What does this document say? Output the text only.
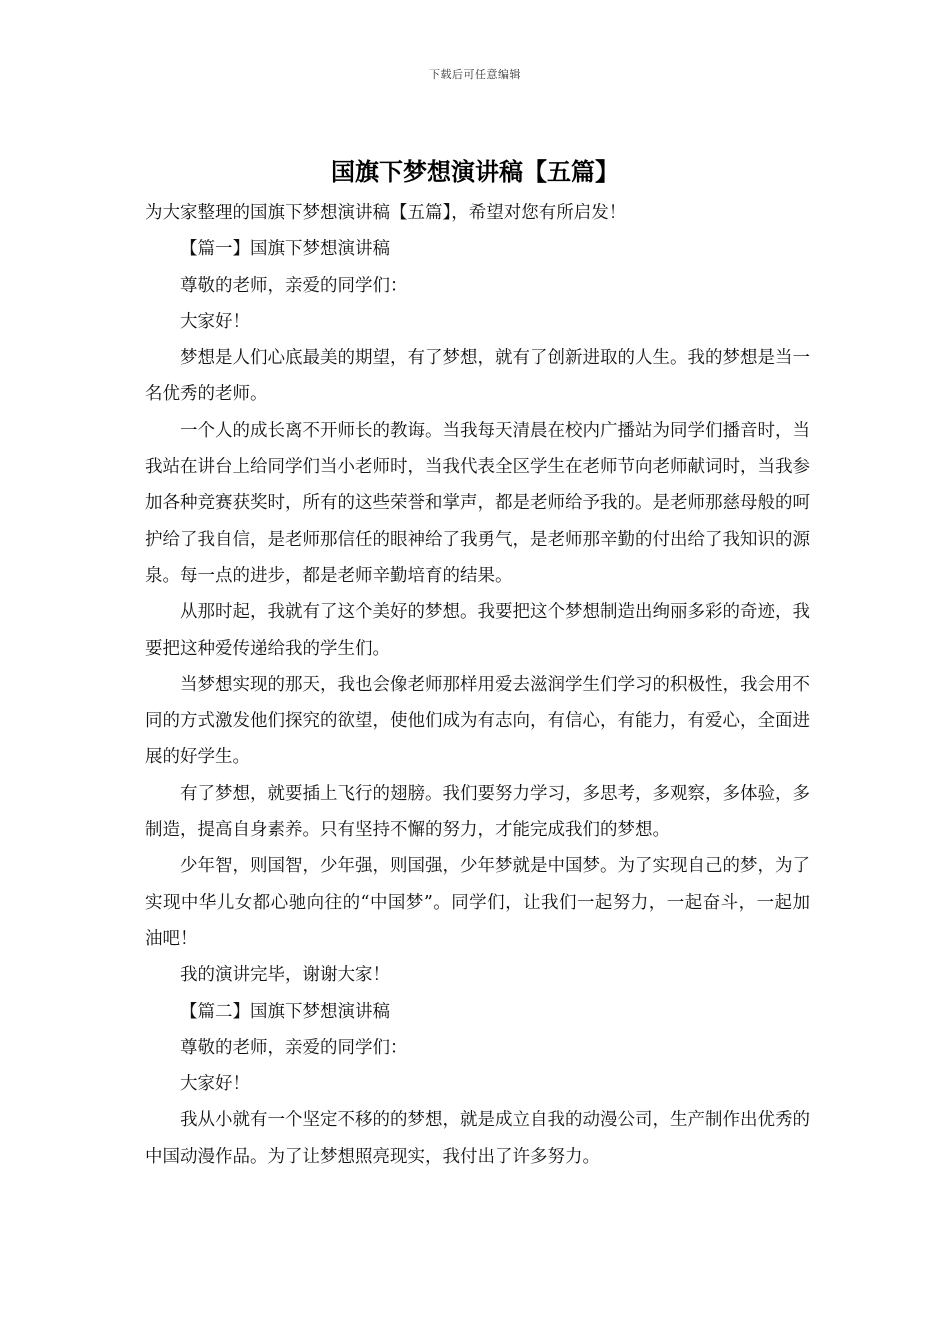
下载后可任意编辑
国旗下梦想演讲稿【五篇】

为大家整理的国旗下梦想演讲稿【五篇】，希望对您有所启发！

【篇一】国旗下梦想演讲稿

尊敬的老师，亲爱的同学们：

大家好！

梦想是人们心底最美的期望，有了梦想，就有了创新进取的人生。我的梦想是当一名优秀的老师。

一个人的成长离不开师长的教诲。当我每天清晨在校内广播站为同学们播音时，当我站在讲台上给同学们当小老师时，当我代表全区学生在老师节向老师献词时，当我参加各种竞赛获奖时，所有的这些荣誉和掌声，都是老师给予我的。是老师那慈母般的呵护给了我自信，是老师那信任的眼神给了我勇气，是老师那辛勤的付出给了我知识的源泉。每一点的进步，都是老师辛勤培育的结果。

从那时起，我就有了这个美好的梦想。我要把这个梦想制造出绚丽多彩的奇迹，我要把这种爱传递给我的学生们。

当梦想实现的那天，我也会像老师那样用爱去滋润学生们学习的积极性，我会用不同的方式激发他们探究的欲望，使他们成为有志向，有信心，有能力，有爱心，全面进展的好学生。

有了梦想，就要插上飞行的翅膀。我们要努力学习，多思考，多观察，多体验，多制造，提高自身素养。只有坚持不懈的努力，才能完成我们的梦想。

少年智，则国智，少年强，则国强，少年梦就是中国梦。为了实现自己的梦，为了实现中华儿女都心驰向往的“中国梦”。同学们，让我们一起努力，一起奋斗，一起加油吧！

我的演讲完毕，谢谢大家！

【篇二】国旗下梦想演讲稿

尊敬的老师，亲爱的同学们：

大家好！

我从小就有一个坚定不移的的梦想，就是成立自我的动漫公司，生产制作出优秀的中国动漫作品。为了让梦想照亮现实，我付出了许多努力。
